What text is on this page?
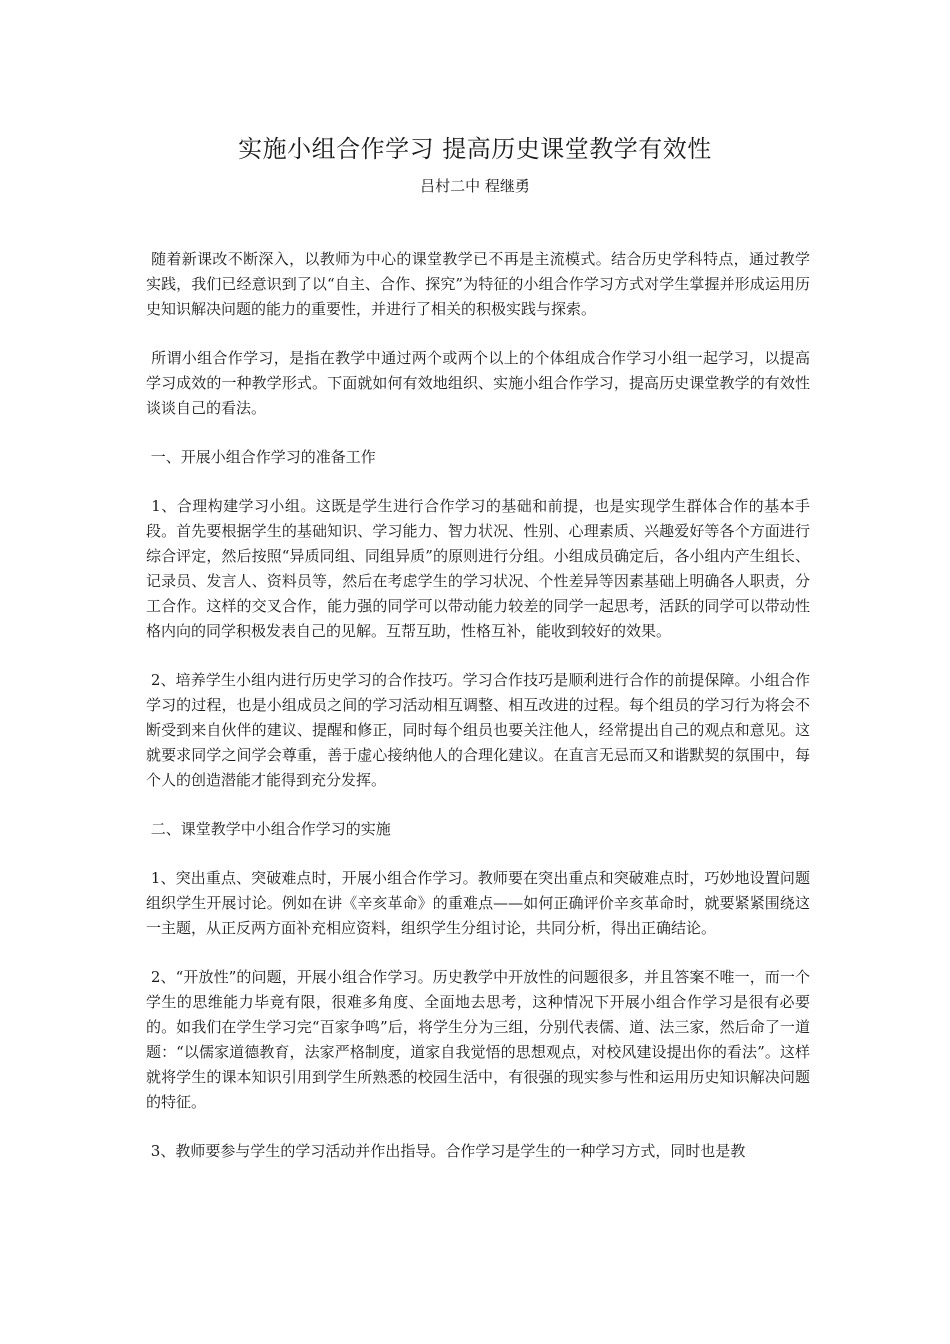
实施小组合作学习 提高历史课堂教学有效性
吕村二中 程继勇

随着新课改不断深入，以教师为中心的课堂教学已不再是主流模式。结合历史学科特点，通过教学实践，我们已经意识到了以“自主、合作、探究”为特征的小组合作学习方式对学生掌握并形成运用历史知识解决问题的能力的重要性，并进行了相关的积极实践与探索。

所谓小组合作学习，是指在教学中通过两个或两个以上的个体组成合作学习小组一起学习，以提高学习成效的一种教学形式。下面就如何有效地组织、实施小组合作学习，提高历史课堂教学的有效性谈谈自己的看法。

一、开展小组合作学习的准备工作

1、合理构建学习小组。这既是学生进行合作学习的基础和前提，也是实现学生群体合作的基本手段。首先要根据学生的基础知识、学习能力、智力状况、性别、心理素质、兴趣爱好等各个方面进行综合评定，然后按照“异质同组、同组异质”的原则进行分组。小组成员确定后，各小组内产生组长、记录员、发言人、资料员等，然后在考虑学生的学习状况、个性差异等因素基础上明确各人职责，分工合作。这样的交叉合作，能力强的同学可以带动能力较差的同学一起思考，活跃的同学可以带动性格内向的同学积极发表自己的见解。互帮互助，性格互补，能收到较好的效果。

2、培养学生小组内进行历史学习的合作技巧。学习合作技巧是顺利进行合作的前提保障。小组合作学习的过程，也是小组成员之间的学习活动相互调整、相互改进的过程。每个组员的学习行为将会不断受到来自伙伴的建议、提醒和修正，同时每个组员也要关注他人，经常提出自己的观点和意见。这就要求同学之间学会尊重，善于虚心接纳他人的合理化建议。在直言无忌而又和谐默契的氛围中，每个人的创造潜能才能得到充分发挥。

二、课堂教学中小组合作学习的实施

1、突出重点、突破难点时，开展小组合作学习。教师要在突出重点和突破难点时，巧妙地设置问题组织学生开展讨论。例如在讲《辛亥革命》的重难点——如何正确评价辛亥革命时，就要紧紧围绕这一主题，从正反两方面补充相应资料，组织学生分组讨论，共同分析，得出正确结论。

2、“开放性”的问题，开展小组合作学习。历史教学中开放性的问题很多，并且答案不唯一，而一个学生的思维能力毕竟有限，很难多角度、全面地去思考，这种情况下开展小组合作学习是很有必要的。如我们在学生学习完“百家争鸣”后，将学生分为三组，分别代表儒、道、法三家，然后命了一道题：“以儒家道德教育，法家严格制度，道家自我觉悟的思想观点，对校风建设提出你的看法”。这样就将学生的课本知识引用到学生所熟悉的校园生活中，有很强的现实参与性和运用历史知识解决问题的特征。

3、教师要参与学生的学习活动并作出指导。合作学习是学生的一种学习方式，同时也是教
